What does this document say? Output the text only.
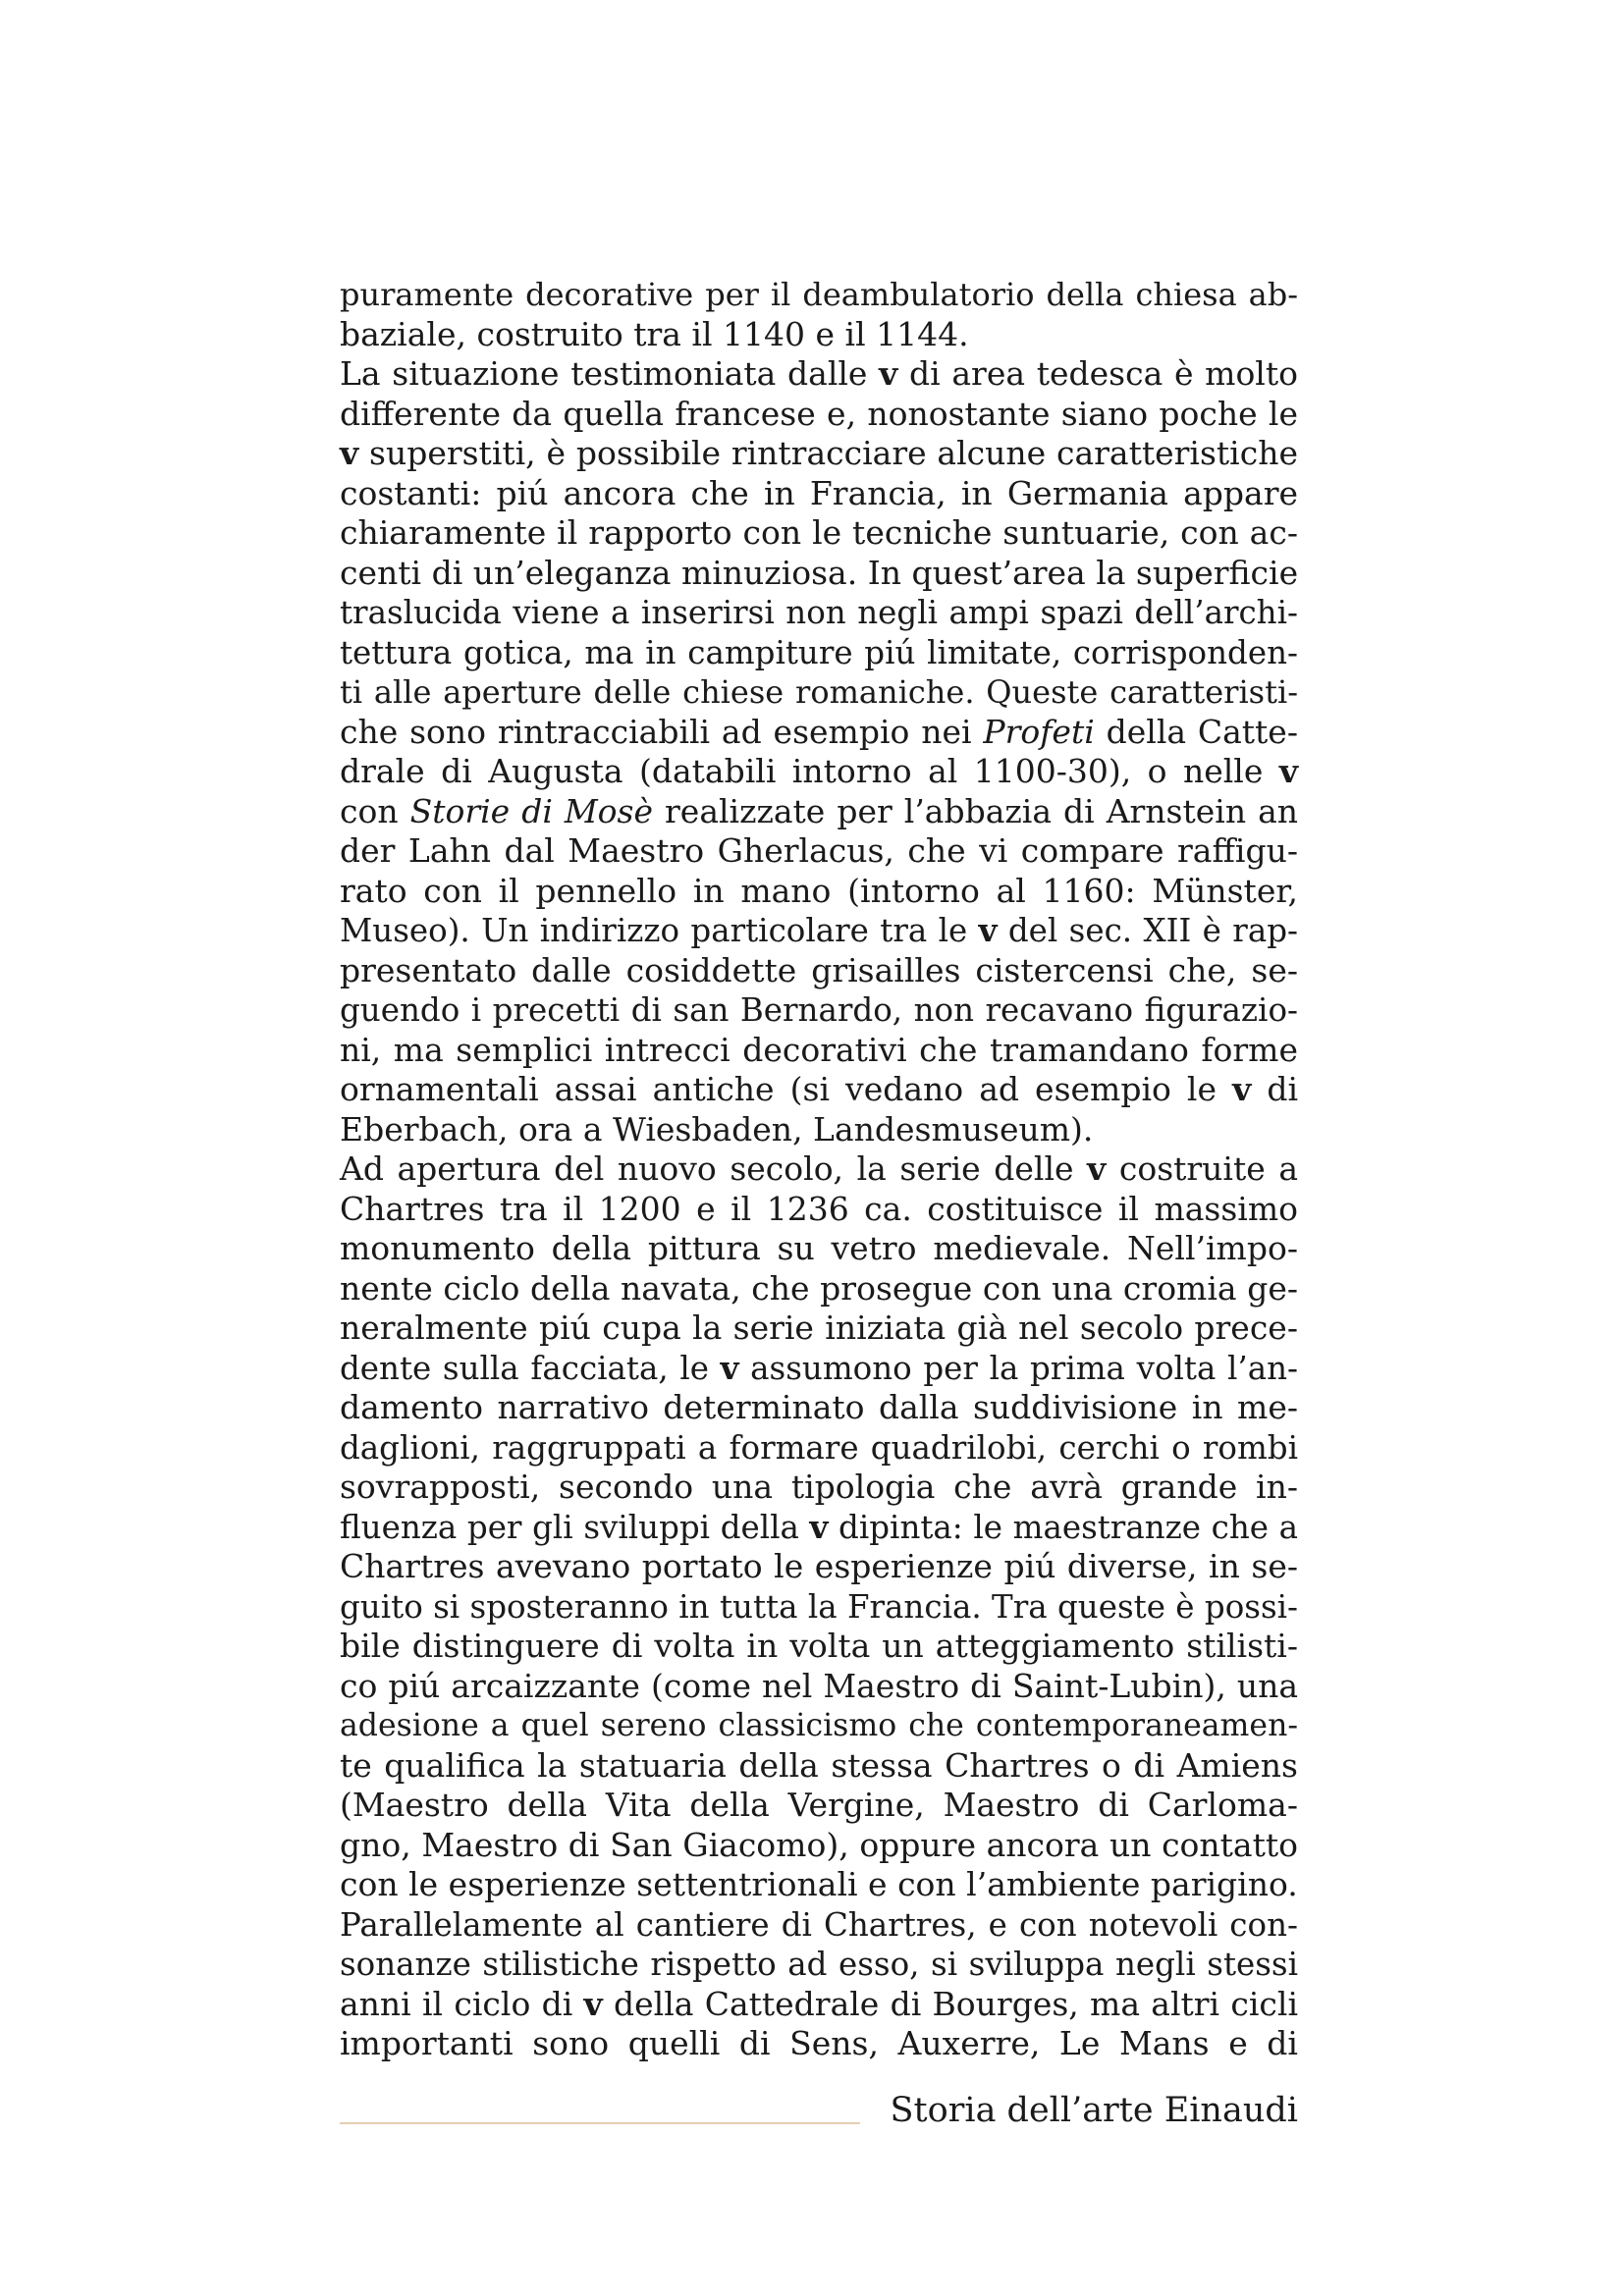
puramente decorative per il deambulatorio della chiesa ab-
baziale, costruito tra il 1140 e il 1144.
La situazione testimoniata dalle v di area tedesca è molto
differente da quella francese e, nonostante siano poche le
v superstiti, è possibile rintracciare alcune caratteristiche
costanti: piú ancora che in Francia, in Germania appare
chiaramente il rapporto con le tecniche suntuarie, con ac-
centi di un’eleganza minuziosa. In quest’area la superficie
traslucida viene a inserirsi non negli ampi spazi dell’archi-
tettura gotica, ma in campiture piú limitate, corrisponden-
ti alle aperture delle chiese romaniche. Queste caratteristi-
che sono rintracciabili ad esempio nei Profeti della Catte-
drale di Augusta (databili intorno al 1100-30), o nelle v
con Storie di Mosè realizzate per l’abbazia di Arnstein an
der Lahn dal Maestro Gherlacus, che vi compare raffigu-
rato con il pennello in mano (intorno al 1160: Münster,
Museo). Un indirizzo particolare tra le v del sec. XII è rap-
presentato dalle cosiddette grisailles cistercensi che, se-
guendo i precetti di san Bernardo, non recavano figurazio-
ni, ma semplici intrecci decorativi che tramandano forme
ornamentali assai antiche (si vedano ad esempio le v di
Eberbach, ora a Wiesbaden, Landesmuseum).
Ad apertura del nuovo secolo, la serie delle v costruite a
Chartres tra il 1200 e il 1236 ca. costituisce il massimo
monumento della pittura su vetro medievale. Nell’impo-
nente ciclo della navata, che prosegue con una cromia ge-
neralmente piú cupa la serie iniziata già nel secolo prece-
dente sulla facciata, le v assumono per la prima volta l’an-
damento narrativo determinato dalla suddivisione in me-
daglioni, raggruppati a formare quadrilobi, cerchi o rombi
sovrapposti, secondo una tipologia che avrà grande in-
fluenza per gli sviluppi della v dipinta: le maestranze che a
Chartres avevano portato le esperienze piú diverse, in se-
guito si sposteranno in tutta la Francia. Tra queste è possi-
bile distinguere di volta in volta un atteggiamento stilisti-
co piú arcaizzante (come nel Maestro di Saint-Lubin), una
adesione a quel sereno classicismo che contemporaneamen-
te qualifica la statuaria della stessa Chartres o di Amiens
(Maestro della Vita della Vergine, Maestro di Carloma-
gno, Maestro di San Giacomo), oppure ancora un contatto
con le esperienze settentrionali e con l’ambiente parigino.
Parallelamente al cantiere di Chartres, e con notevoli con-
sonanze stilistiche rispetto ad esso, si sviluppa negli stessi
anni il ciclo di v della Cattedrale di Bourges, ma altri cicli
importanti sono quelli di Sens, Auxerre, Le Mans e di
Storia dell’arte Einaudi
